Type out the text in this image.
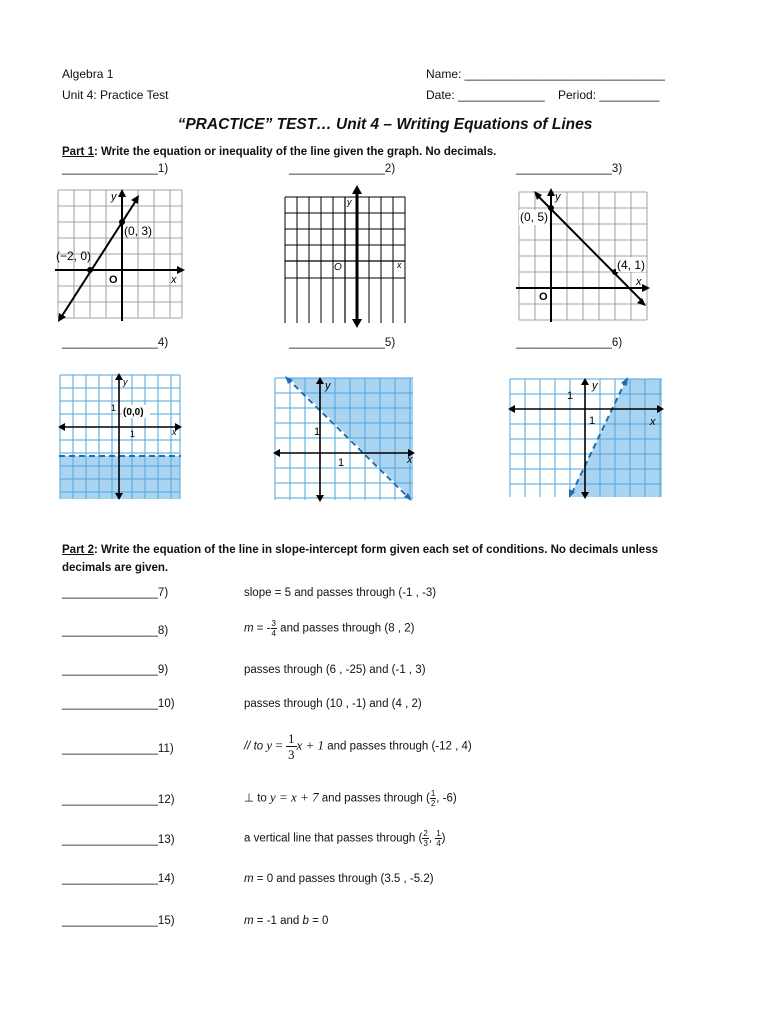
Algebra 1
Unit 4: Practice Test
Name: ______________________________
Date: _____________ Period: _________
“PRACTICE” TEST… Unit 4 – Writing Equations of Lines
Part 1: Write the equation or inequality of the line given the graph. No decimals.
_______________1)	_______________2)	_______________3)
(−2, 0)
(0, 3)
O	x
y
O	x
y
(0, 5)
(4, 1)
O
x
y
_______________4)	_______________5)	_______________6)
(0,0)
1
1
x
y
1
1
x
y
1
1
x
y
Part 2: Write the equation of the line in slope-intercept form given each set of conditions. No decimals unless
decimals are given.
_______________7)	slope = 5 and passes through (-1 , -3)
_______________8)	m = - $\frac{3}{4}$ and passes through (8 , 2)
_______________9)	passes through (6 , -25) and (-1 , 3)
_______________10)	passes through (10 , -1) and (4 , 2)
_______________11)	// to $y = \frac{1}{3}$ x + 1 and passes through (-12 , 4)
_______________12)	⊥ to y = x + 7 and passes through ( $\frac{1}{2}$ , -6)
_______________13)	a vertical line that passes through ( $\frac{2}{3}$ , $\frac{1}{4}$ )
_______________14)	m = 0 and passes through (3.5 , -5.2)
_______________15)	m = -1 and b = 0
